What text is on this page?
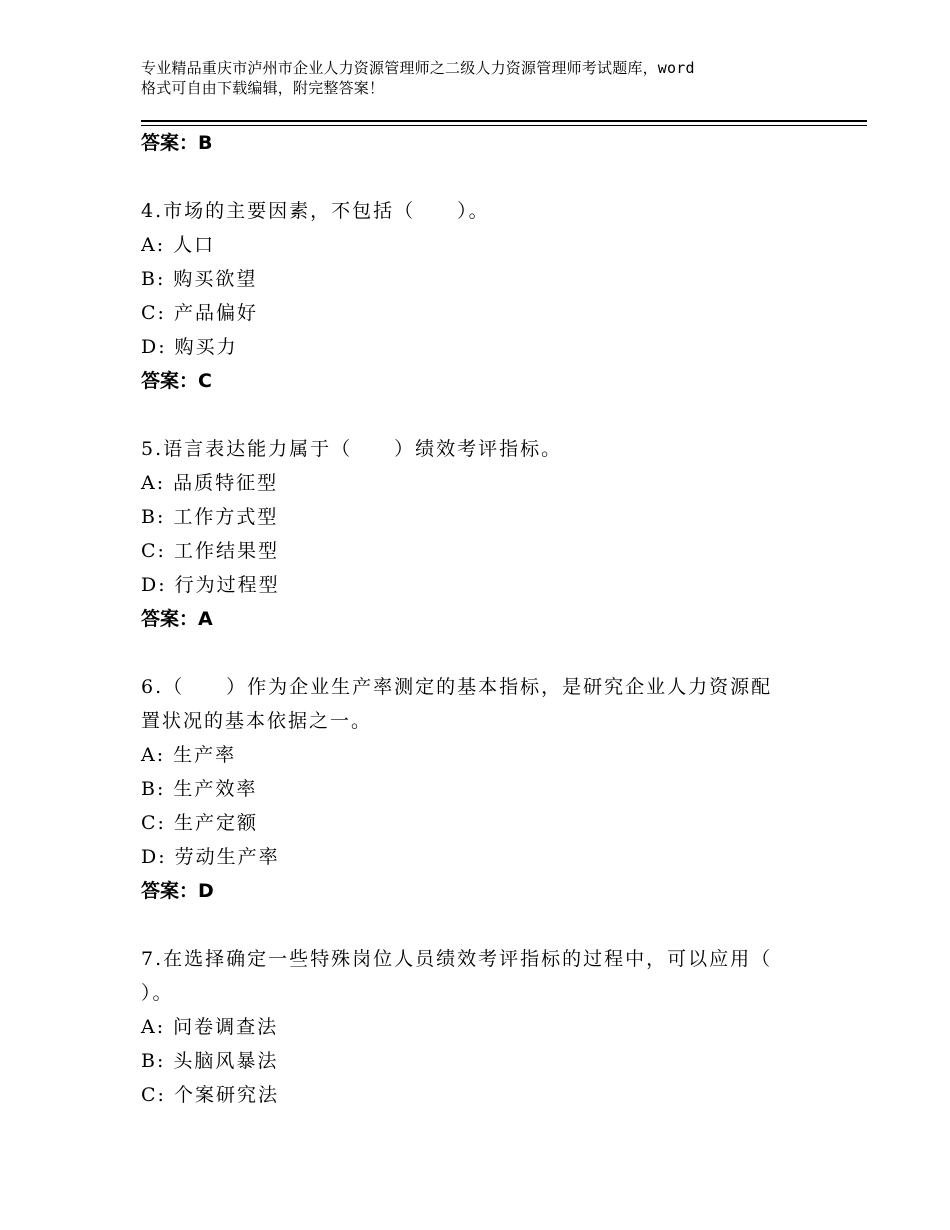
专业精品重庆市泸州市企业人力资源管理师之二级人力资源管理师考试题库，word
格式可自由下载编辑，附完整答案！
答案：B
4.市场的主要因素，不包括（　　）。
A: 人口
B: 购买欲望
C: 产品偏好
D: 购买力
答案：C
5.语言表达能力属于（　　）绩效考评指标。
A: 品质特征型
B: 工作方式型
C: 工作结果型
D: 行为过程型
答案：A
6.（　　）作为企业生产率测定的基本指标，是研究企业人力资源配
置状况的基本依据之一。
A: 生产率
B: 生产效率
C: 生产定额
D: 劳动生产率
答案：D
7.在选择确定一些特殊岗位人员绩效考评指标的过程中，可以应用（
）。
A: 问卷调查法
B: 头脑风暴法
C: 个案研究法
